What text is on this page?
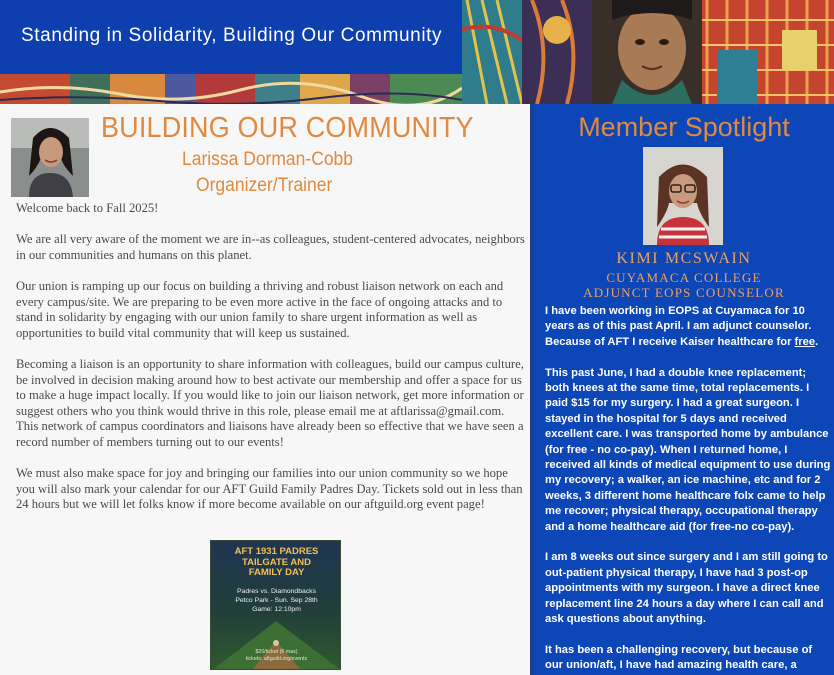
Standing in Solidarity, Building Our Community
BUILDING OUR COMMUNITY
Larissa Dorman-Cobb
Organizer/Trainer

Welcome back to Fall 2025!

We are all very aware of the moment we are in--as colleagues, student-centered advocates, neighbors in our communities and humans on this planet.

Our union is ramping up our focus on building a thriving and robust liaison network on each and every campus/site. We are preparing to be even more active in the face of ongoing attacks and to stand in solidarity by engaging with our union family to share urgent information as well as opportunities to build vital community that will keep us sustained.

Becoming a liaison is an opportunity to share information with colleagues, build our campus culture, be involved in decision making around how to best activate our membership and offer a space for us to make a huge impact locally. If you would like to join our liaison network, get more information or suggest others who you think would thrive in this role, please email me at aftlarissa@gmail.com. This network of campus coordinators and liaisons have already been so effective that we have seen a record number of members turning out to our events!

We must also make space for joy and bringing our families into our union community so we hope you will also mark your calendar for our AFT Guild Family Padres Day. Tickets sold out in less than 24 hours but we will let folks know if more become available on our aftguild.org event page!

AFT 1931 PADRES
TAILGATE AND
FAMILY DAY
Padres vs. Diamondbacks
Petco Park - Sun. Sep 28th
Game: 12:10pm
$20/ticket (6 max)
tickets: aftguild.org/events
Member Spotlight
KIMI MCSWAIN
CUYAMACA COLLEGE
ADJUNCT EOPS COUNSELOR

I have been working in EOPS at Cuyamaca for 10 years as of this past April. I am adjunct counselor. Because of AFT I receive Kaiser healthcare for free.

This past June, I had a double knee replacement; both knees at the same time, total replacements. I paid $15 for my surgery. I had a great surgeon. I stayed in the hospital for 5 days and received excellent care. I was transported home by ambulance (for free - no co-pay). When I returned home, I received all kinds of medical equipment to use during my recovery; a walker, an ice machine, etc and for 2 weeks, 3 different home healthcare folx came to help me recover; physical therapy, occupational therapy and a home healthcare aid (for free-no co-pay).

I am 8 weeks out since surgery and I am still going to out-patient physical therapy, I have had 3 post-op appointments with my surgeon. I have a direct knee replacement line 24 hours a day where I can call and ask questions about anything.

It has been a challenging recovery, but because of our union/aft, I have had amazing health care, a
